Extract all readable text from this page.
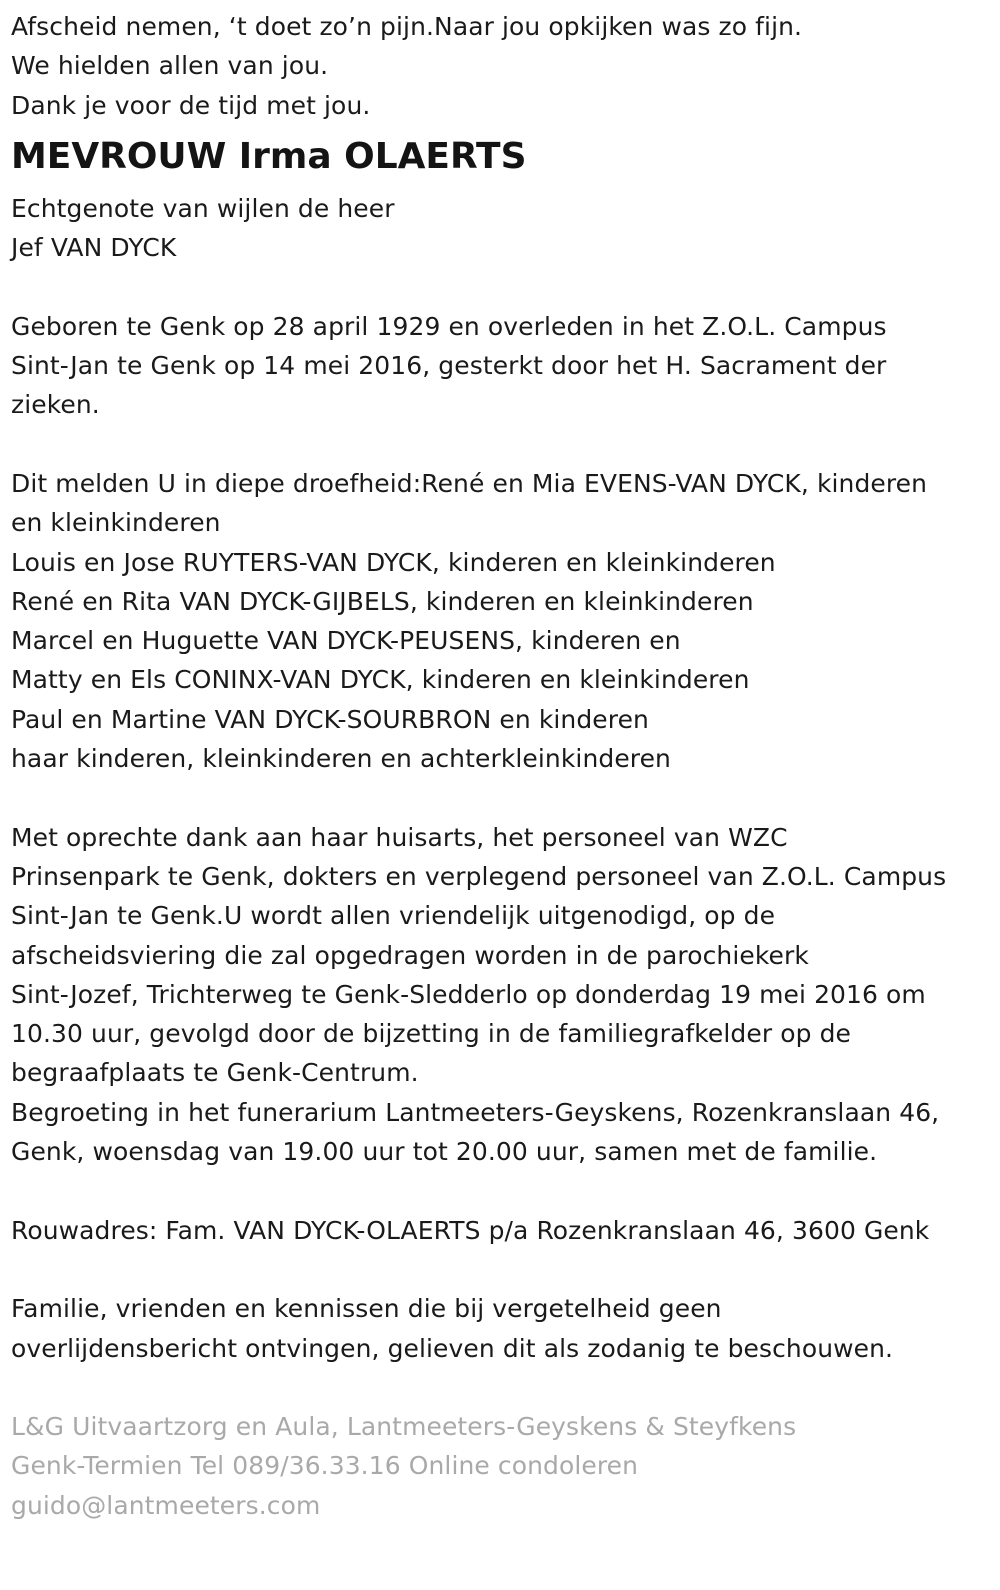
Afscheid nemen, ‘t doet zo’n pijn.Naar jou opkijken was zo fijn.
We hielden allen van jou.
Dank je voor de tijd met jou.
MEVROUW Irma OLAERTS
Echtgenote van wijlen de heer
Jef VAN DYCK
Geboren te Genk op 28 april 1929 en overleden in het Z.O.L. Campus
Sint-Jan te Genk op 14 mei 2016, gesterkt door het H. Sacrament der
zieken.
Dit melden U in diepe droefheid:René en Mia EVENS-VAN DYCK, kinderen
en kleinkinderen
Louis en Jose RUYTERS-VAN DYCK, kinderen en kleinkinderen
René en Rita VAN DYCK-GIJBELS, kinderen en kleinkinderen
Marcel en Huguette VAN DYCK-PEUSENS, kinderen en
Matty en Els CONINX-VAN DYCK, kinderen en kleinkinderen
Paul en Martine VAN DYCK-SOURBRON en kinderen
haar kinderen, kleinkinderen en achterkleinkinderen
Met oprechte dank aan haar huisarts, het personeel van WZC
Prinsenpark te Genk, dokters en verplegend personeel van Z.O.L. Campus
Sint-Jan te Genk.U wordt allen vriendelijk uitgenodigd, op de
afscheidsviering die zal opgedragen worden in de parochiekerk
Sint-Jozef, Trichterweg te Genk-Sledderlo op donderdag 19 mei 2016 om
10.30 uur, gevolgd door de bijzetting in de familiegrafkelder op de
begraafplaats te Genk-Centrum.
Begroeting in het funerarium Lantmeeters-Geyskens, Rozenkranslaan 46,
Genk, woensdag van 19.00 uur tot 20.00 uur, samen met de familie.
Rouwadres: Fam. VAN DYCK-OLAERTS p/a Rozenkranslaan 46, 3600 Genk
Familie, vrienden en kennissen die bij vergetelheid geen
overlijdensbericht ontvingen, gelieven dit als zodanig te beschouwen.
L&G Uitvaartzorg en Aula, Lantmeeters-Geyskens & Steyfkens
Genk-Termien Tel 089/36.33.16 Online condoleren
guido@lantmeeters.com
